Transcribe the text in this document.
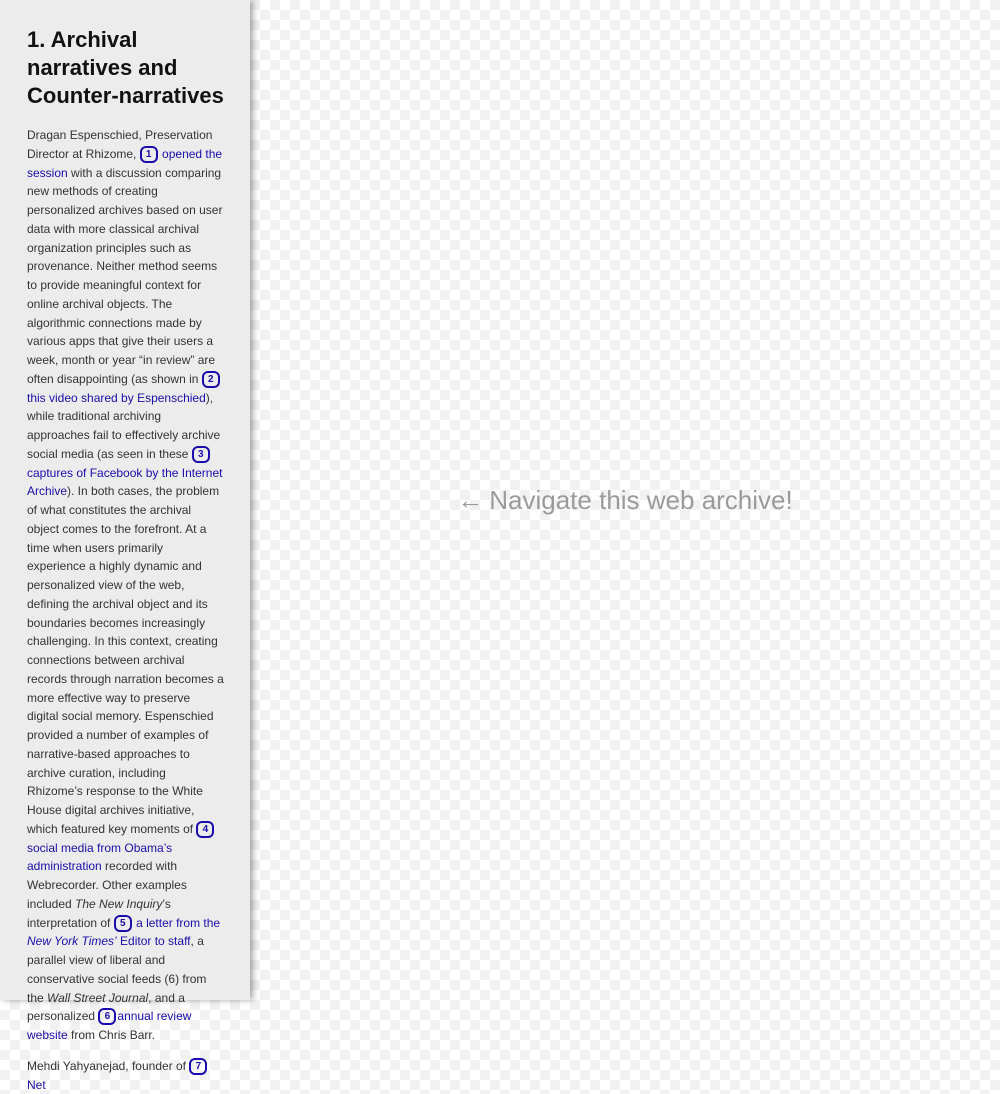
1. Archival narratives and Counter-narratives

Dragan Espenschied, Preservation Director at Rhizome, 1 opened the session with a discussion comparing new methods of creating personalized archives based on user data with more classical archival organization principles such as provenance. Neither method seems to provide meaningful context for online archival objects. The algorithmic connections made by various apps that give their users a week, month or year “in review” are often disappointing (as shown in 2 this video shared by Espenschied), while traditional archiving approaches fail to effectively archive social media (as seen in these 3 captures of Facebook by the Internet Archive). In both cases, the problem of what constitutes the archival object comes to the forefront. At a time when users primarily experience a highly dynamic and personalized view of the web, defining the archival object and its boundaries becomes increasingly challenging. In this context, creating connections between archival records through narration becomes a more effective way to preserve digital social memory. Espenschied provided a number of examples of narrative-based approaches to archive curation, including Rhizome’s response to the White House digital archives initiative, which featured key moments of 4 social media from Obama’s administration recorded with Webrecorder. Other examples included The New Inquiry’s interpretation of 5 a letter from the New York Times’ Editor to staff, a parallel view of liberal and conservative social feeds (6) from the Wall Street Journal, and a personalized 6 annual review website from Chris Barr.

Mehdi Yahyanejad, founder of 7 Net

← Navigate this web archive!
